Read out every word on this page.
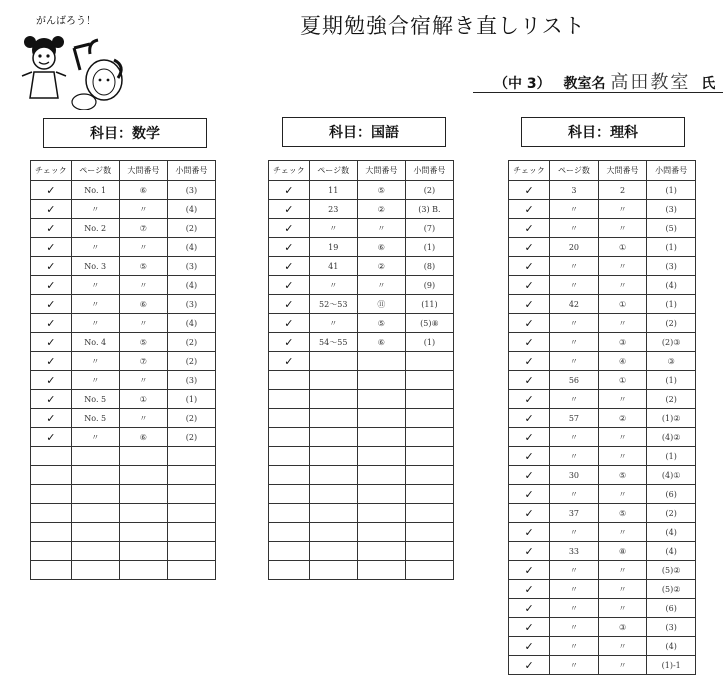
がんばろう！	夏期勉強合宿解き直しリスト
（中 3） 教室名 高田教室 氏
科目：数学	科目：国語	科目：理科
チェック	ページ数	大問番号	小問番号
✓	No. 1	⑥	(3)
✓	〃	〃	(4)
✓	No. 2	⑦	(2)
✓	〃	〃	(4)
✓	No. 3	⑤	(3)
✓	〃	〃	(4)
✓	〃	⑥	(3)
✓	〃	〃	(4)
✓	No. 4	⑤	(2)
✓	〃	⑦	(2)
✓	〃	〃	(3)
✓	No. 5	①	(1)
✓	No. 5	〃	(2)
✓	〃	⑥	(2)

チェック	ページ数	大問番号	小問番号
✓	11	⑤	(2)
✓	23	②	(3) B.
✓	〃	〃	(7)
✓	19	⑥	(1)
✓	41	②	(8)
✓	〃	〃	(9)
✓	52〜53	⑪	(11)
✓	〃	⑤	(5)⑧
✓	54〜55	⑥	(1)
✓			

チェック	ページ数	大問番号	小問番号
✓	3	2	(1)
✓	〃	〃	(3)
✓	〃	〃	(5)
✓	20	①	(1)
✓	〃	〃	(3)
✓	〃	〃	(4)
✓	42	①	(1)
✓	〃	〃	(2)
✓	〃	③	(2)③
✓	〃	④	③
✓	56	①	(1)
✓	〃	〃	(2)
✓	57	②	(1)②
✓	〃	〃	(4)②
✓	〃	〃	(1)
✓	30	⑤	(4)①
✓	〃	〃	(6)
✓	37	⑤	(2)
✓	〃	〃	(4)
✓	33	⑧	(4)
✓	〃	〃	(5)②
✓	〃	〃	(5)②
✓	〃	〃	(6)
✓	〃	③	(3)
✓	〃	〃	(4)
✓	〃	〃	(1)-1
